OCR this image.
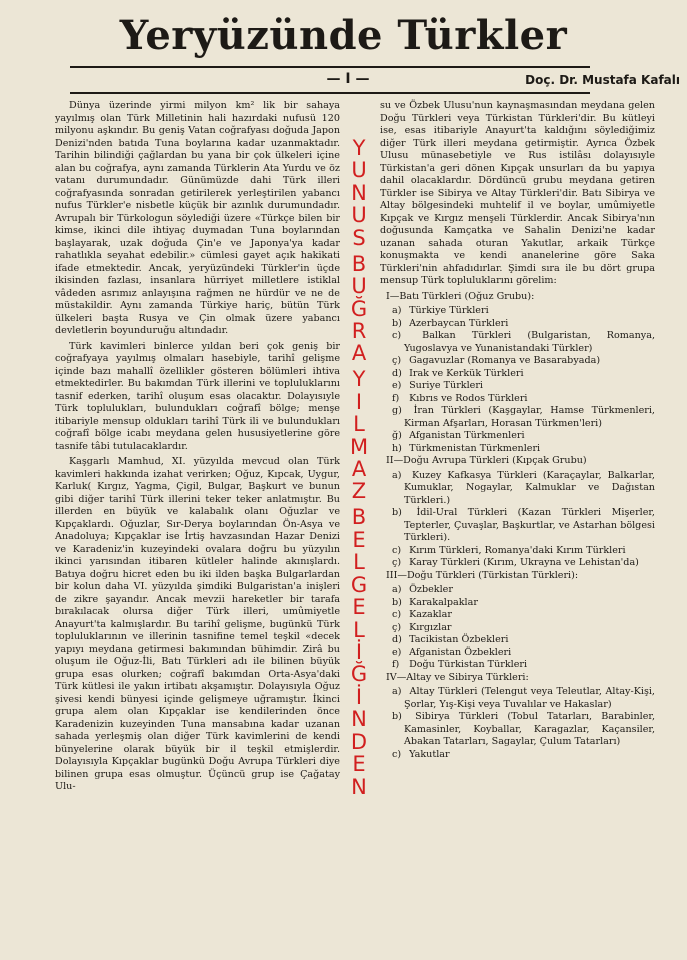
Yeryüzünde Türkler
— I —	Doç. Dr. Mustafa Kafalı

Dünya üzerinde yirmi milyon km² lik bir sahaya yayılmış olan Türk Milletinin hali hazırdaki nufusü 120 milyonu aşkındır. Bu geniş Vatan coğrafyası doğuda Japon Denizi'nden batıda Tuna boylarına kadar uzanmaktadır. Tarihin bilindiği çağlardan bu yana bir çok ülkeleri içine alan bu coğrafya, aynı zamanda Türklerin Ata Yurdu ve öz vatanı durumundadır. Günümüzde dahi Türk illeri coğrafyasında sonradan getirilerek yerleştirilen yabancı nufus Türkler'e nisbetle küçük bir azınlık durumundadır. Avrupalı bir Türkologun söylediği üzere «Türkçe bilen bir kimse, ikinci dile ihtiyaç duymadan Tuna boylarından başlayarak, uzak doğuda Çin'e ve Japonya'ya kadar rahatlıkla seyahat edebilir.» cümlesi gayet açık hakikati ifade etmektedir. Ancak, yeryüzündeki Türkler'in üçde ikisinden fazlası, insanlara hürriyet milletlere istiklal vâdeden asrımız anlayışına rağmen ne hürdür ve ne de müstakildir. Aynı zamanda Türkiye hariç, bütün Türk ülkeleri başta Rusya ve Çin olmak üzere yabancı devletlerin boyunduruğu altındadır.

Türk kavimleri binlerce yıldan beri çok geniş bir coğrafyaya yayılmış olmaları hasebiyle, tarihî gelişme içinde bazı mahallî özellikler gösteren bölümleri ihtiva etmektedirler. Bu bakımdan Türk illerini ve topluluklarını tasnif ederken, tarihî oluşum esas olacaktır. Dolayısıyle Türk toplulukları, bulundukları coğrafî bölge; menşe itibariyle mensup oldukları tarihî Türk ili ve bulundukları coğrafî bölge icabı meydana gelen hususiyetlerine göre tasnife tâbi tutulacaklardır.

Kaşgarlı Mamhud, XI. yüzyılda mevcud olan Türk kavimleri hakkında izahat verirken; Oğuz, Kıpcak, Uygur, Karluk( Kırgız, Yagma, Çigil, Bulgar, Başkurt ve bunun gibi diğer tarihî Türk illerini teker teker anlatmıştır. Bu illerden en büyük ve kalabalık olanı Oğuzlar ve Kıpçaklardı. Oğuzlar, Sır-Derya boylarından Ön-Asya ve Anadoluya; Kıpçaklar ise İrtiş havzasından Hazar Denizi ve Karadeniz'in kuzeyindeki ovalara doğru bu yüzyılın ikinci yarısından itibaren kütleler halinde akınışlardı. Batıya doğru hicret eden bu iki ilden başka Bulgarlardan bir kolun daha VI. yüzyılda şimdiki Bulgaristan'a inişleri de zikre şayandır. Ancak mevzii hareketler bir tarafa bırakılacak olursa diğer Türk illeri, umûmiyetle Anayurt'ta kalmışlardır. Bu tarihî gelişme, bugünkü Türk topluluklarının ve illerinin tasnifine temel teşkil «decek yapıyı meydana getirmesi bakımından bühimdir. Zirâ bu oluşum ile Oğuz-İli, Batı Türkleri adı ile bilinen büyük grupa esas olurken; coğrafî bakımdan Orta-Asya'daki Türk kütlesi ile yakın irtibatı akşamıştır. Dolayısıyla Oğuz şivesi kendi bünyesi içinde gelişmeye uğramıştır. İkinci grupa alem olan Kıpçaklar ise kendilerinden önce Karadenizin kuzeyinden Tuna mansabına kadar uzanan sahada yerleşmiş olan diğer Türk kavimlerini de kendi bünyelerine olarak büyük bir il teşkil etmişlerdir. Dolayısıyla Kıpçaklar bugünkü Doğu Avrupa Türkleri diye bilinen grupa esas olmuştur. Üçüncü grup ise Çağatay Ulu-

Y
U
N
U
S
B
U
Ğ
R
A
Y
I
L
M
A
Z
B
E
L
G
E
L
İ
Ğ
İ
N
D
E
N

su ve Özbek Ulusu'nun kaynaşmasından meydana gelen Doğu Türkleri veya Türkistan Türkleri'dir. Bu kütleyi ise, esas itibariyle Anayurt'ta kaldığını söylediğimiz diğer Türk illeri meydana getirmiştir. Ayrıca Özbek Ulusu münasebetiyle ve Rus istilâsı dolayısıyle Türkistan'a geri dönen Kıpçak unsurları da bu yapıya dahil olacaklardır. Dördüncü grubu meydana getiren Türkler ise Sibirya ve Altay Türkleri'dir. Batı Sibirya ve Altay bölgesindeki muhtelif il ve boylar, umûmiyetle Kıpçak ve Kırgız menşeli Türklerdir. Ancak Sibirya'nın doğusunda Kamçatka ve Sahalin Denizi'ne kadar uzanan sahada oturan Yakutlar, arkaik Türkçe konuşmakta ve kendi ananelerine göre Saka Türkleri'nin ahfadıdırlar. Şimdi sıra ile bu dört grupa mensup Türk topluluklarını görelim:

I—Batı Türkleri (Oğuz Grubu):
a) Türkiye Türkleri
b) Azerbaycan Türkleri
c) Balkan Türkleri (Bulgaristan, Romanya, Yugoslavya ve Yunanistandaki Türkler)
ç) Gagavuzlar (Romanya ve Basarabyada)
d) Irak ve Kerkük Türkleri
e) Suriye Türkleri
f) Kıbrıs ve Rodos Türkleri
g) İran Türkleri (Kaşgaylar, Hamse Türkmenleri, Kirman Afşarları, Horasan Türkmen'leri)
ğ) Afganistan Türkmenleri
h) Türkmenistan Türkmenleri
II—Doğu Avrupa Türkleri (Kıpçak Grubu)
a) Kuzey Kafkasya Türkleri (Karaçaylar, Balkarlar, Kumuklar, Nogaylar, Kalmuklar ve Dağıstan Türkleri.)
b) İdil-Ural Türkleri (Kazan Türkleri Mişerler, Tepterler, Çuvaşlar, Başkurtlar, ve Astarhan bölgesi Türkleri).
c) Kırım Türkleri, Romanya'daki Kırım Türkleri
ç) Karay Türkleri (Kırım, Ukrayna ve Lehistan'da)
III—Doğu Türkleri (Türkistan Türkleri):
a) Özbekler
b) Karakalpaklar
c) Kazaklar
ç) Kırgızlar
d) Tacikistan Özbekleri
e) Afganistan Özbekleri
f) Doğu Türkistan Türkleri
IV—Altay ve Sibirya Türkleri:
a) Altay Türkleri (Telengut veya Teleutlar, Altay-Kişi, Şorlar, Yış-Kişi veya Tuvalılar ve Hakaslar)
b) Sibirya Türkleri (Tobul Tatarları, Barabinler, Kamasinler, Koyballar, Karagazlar, Kaçansiler, Abakan Tatarları, Sagaylar, Çulum Tatarları)
c) Yakutlar
